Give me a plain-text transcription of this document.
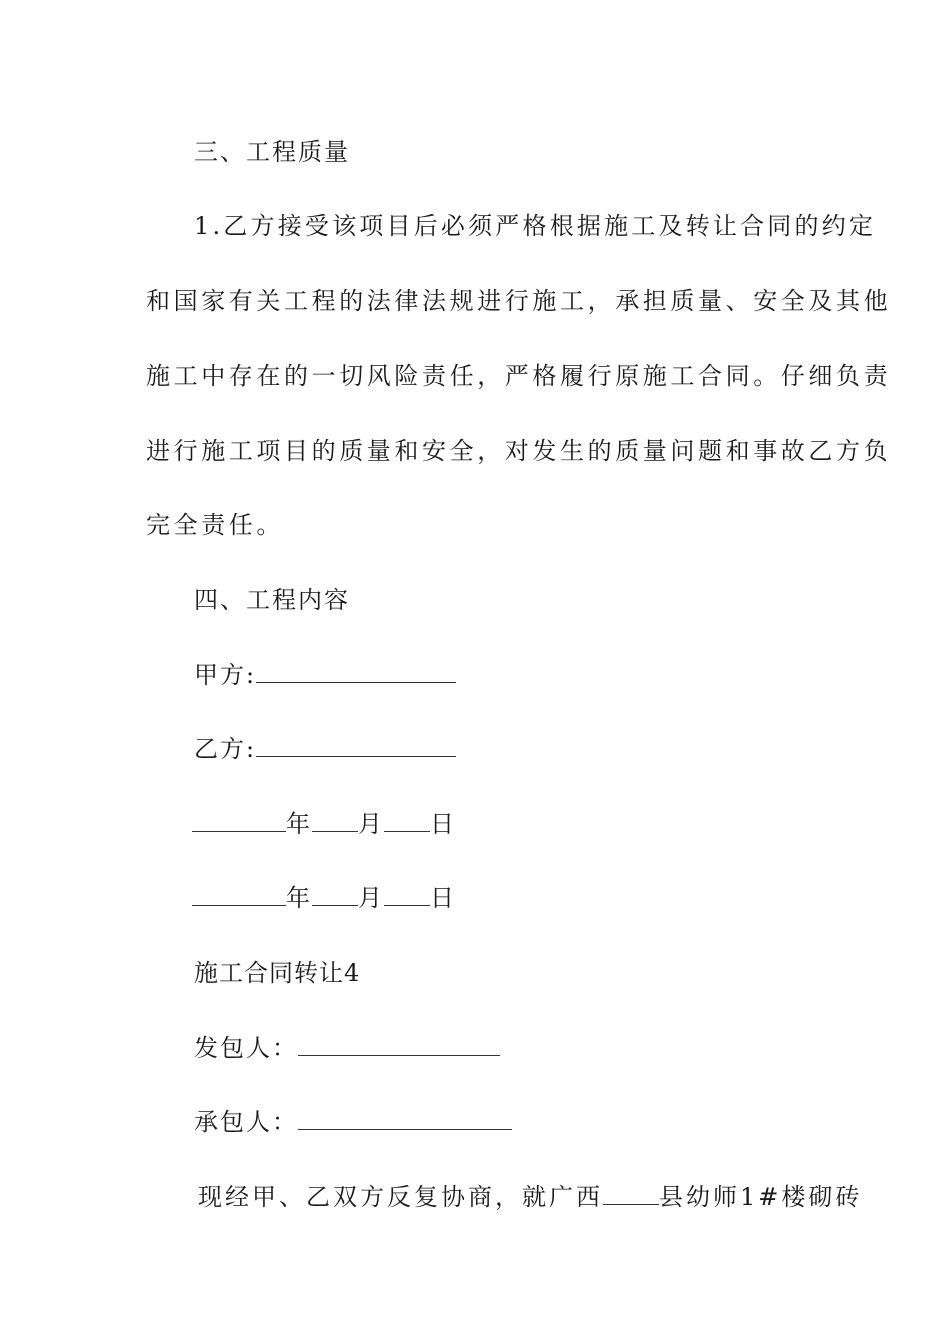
三、工程质量
1.乙方接受该项目后必须严格根据施工及转让合同的约定
和国家有关工程的法律法规进行施工，承担质量、安全及其他
施工中存在的一切风险责任，严格履行原施工合同。仔细负责
进行施工项目的质量和安全，对发生的质量问题和事故乙方负
完全责任。
四、工程内容
甲方:
乙方:
年 月 日
年 月 日
施工合同转让4
发包人：
承包人：
现经甲、乙双方反复协商，就广西 县幼师1#楼砌砖
